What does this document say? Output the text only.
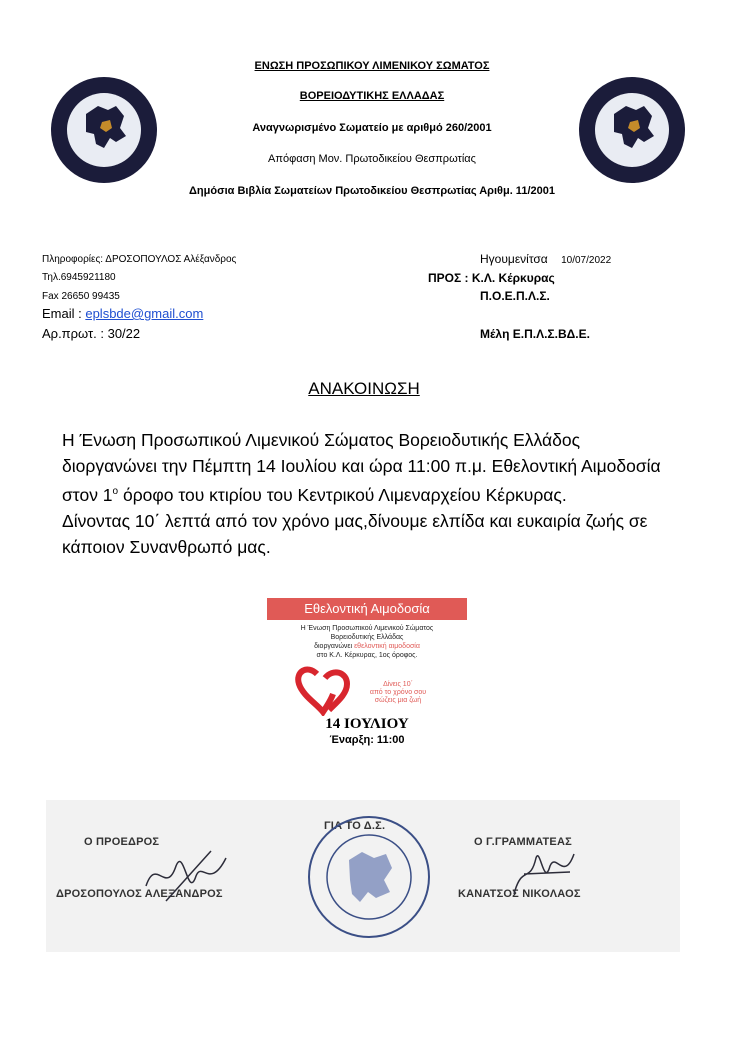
ΕΝΩΣΗ ΠΡΟΣΩΠΙΚΟΥ ΛΙΜΕΝΙΚΟΥ ΣΩΜΑΤΟΣ
ΒΟΡΕΙΟΔΥΤΙΚΗΣ ΕΛΛΑΔΑΣ
Αναγνωρισμένο Σωματείο με αριθμό 260/2001
Απόφαση Μον. Πρωτοδικείου Θεσπρωτίας
Δημόσια Βιβλία Σωματείων Πρωτοδικείου Θεσπρωτίας Αριθμ. 11/2001
Πληροφορίες: ΔΡΟΣΟΠΟΥΛΟΣ Αλέξανδρος
Τηλ.6945921180
Fax 26650 99435
Email : eplsbde@gmail.com
Αρ.πρωτ. : 30/22
Ηγουμενίτσα 10/07/2022
ΠΡΟΣ : Κ.Λ. Κέρκυρας
Π.Ο.Ε.Π.Λ.Σ.
Μέλη Ε.Π.Λ.Σ.ΒΔ.Ε.
ΑΝΑΚΟΙΝΩΣΗ
Η Ένωση Προσωπικού Λιμενικού Σώματος Βορειοδυτικής Ελλάδος
διοργανώνει την Πέμπτη 14 Ιουλίου και ώρα 11:00 π.μ. Εθελοντική Αιμοδοσία
στον $1^o$ όροφο του κτιρίου του Κεντρικού Λιμεναρχείου Κέρκυρας.
Δίνοντας 10΄ λεπτά από τον χρόνο μας,δίνουμε ελπίδα και ευκαιρία ζωής σε
κάποιον Συνανθρωπό μας.
Εθελοντική Αιμοδοσία
Η Ένωση Προσωπικού Λιμενικού Σώματος
Βορειοδυτικής Ελλάδας
διοργανώνει εθελοντική αιμοδοσία
στο Κ.Λ. Κέρκυρας, 1ος όροφος.
Δίνεις 10΄
από το χρόνο σου
σώζεις μια ζωή
14 ΙΟΥΛΙΟΥ
Έναρξη: 11:00
Ο ΠΡΟΕΔΡΟΣ
ΔΡΟΣΟΠΟΥΛΟΣ ΑΛΕΞΑΝΔΡΟΣ
ΓΙΑ ΤΟ Δ.Σ.
Ο Γ.ΓΡΑΜΜΑΤΕΑΣ
ΚΑΝΑΤΣΟΣ ΝΙΚΟΛΑΟΣ
